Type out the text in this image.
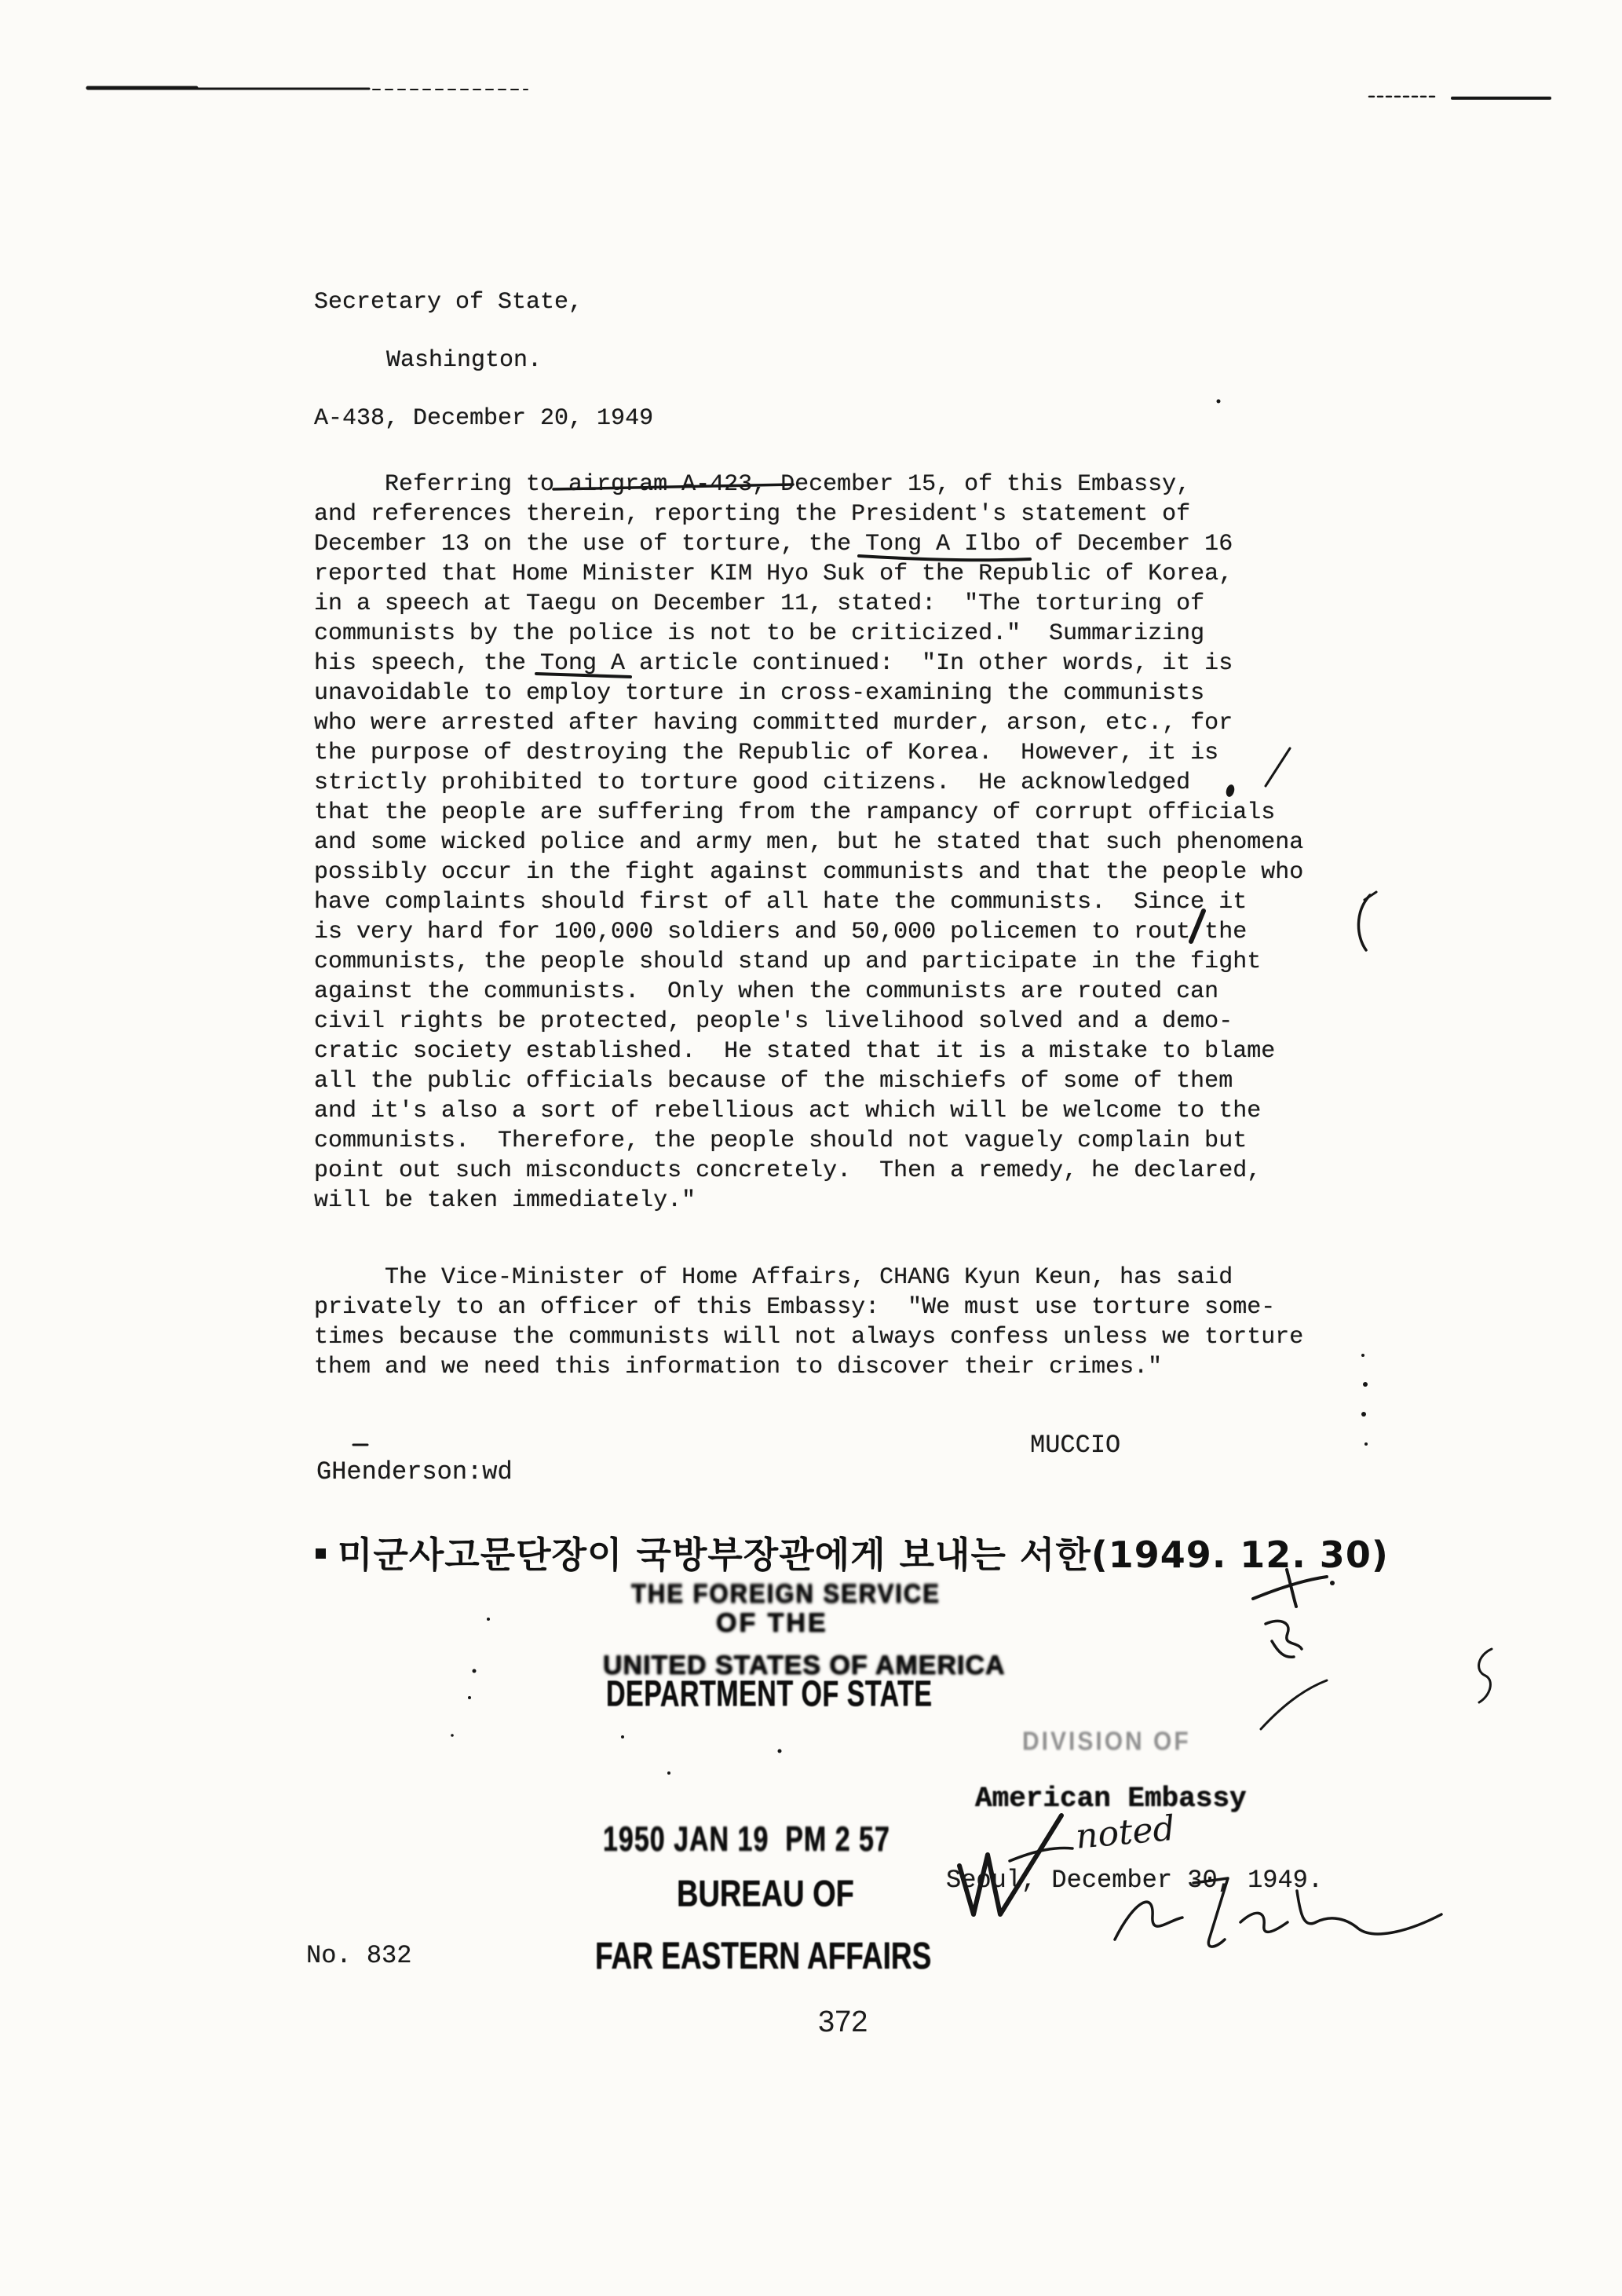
Secretary of State,
Washington.
A-438, December 20, 1949
Referring to airgram A-423, December 15, of this Embassy,
and references therein, reporting the President's statement of
December 13 on the use of torture, the Tong A Ilbo of December 16
reported that Home Minister KIM Hyo Suk of the Republic of Korea,
in a speech at Taegu on December 11, stated:  "The torturing of
communists by the police is not to be criticized."  Summarizing
his speech, the Tong A article continued:  "In other words, it is
unavoidable to employ torture in cross-examining the communists
who were arrested after having committed murder, arson, etc., for
the purpose of destroying the Republic of Korea.  However, it is
strictly prohibited to torture good citizens.  He acknowledged
that the people are suffering from the rampancy of corrupt officials
and some wicked police and army men, but he stated that such phenomena
possibly occur in the fight against communists and that the people who
have complaints should first of all hate the communists.  Since it
is very hard for 100,000 soldiers and 50,000 policemen to rout the
communists, the people should stand up and participate in the fight
against the communists.  Only when the communists are routed can
civil rights be protected, people's livelihood solved and a demo-
cratic society established.  He stated that it is a mistake to blame
all the public officials because of the mischiefs of some of them
and it's also a sort of rebellious act which will be welcome to the
communists.  Therefore, the people should not vaguely complain but
point out such misconducts concretely.  Then a remedy, he declared,
will be taken immediately."
The Vice-Minister of Home Affairs, CHANG Kyun Keun, has said
privately to an officer of this Embassy:  "We must use torture some-
times because the communists will not always confess unless we torture
them and we need this information to discover their crimes."
MUCCIO
GHenderson:wd
미군사고문단장이 국방부장관에게 보내는 서한(1949. 12. 30)
THE FOREIGN SERVICE
OF THE
UNITED STATES OF AMERICA
DEPARTMENT OF STATE
1950 JAN 19  PM 2 57
DIVISION OF
American Embassy
noted
Seoul, December 30, 1949.
BUREAU OF
FAR EASTERN AFFAIRS
No. 832
372
